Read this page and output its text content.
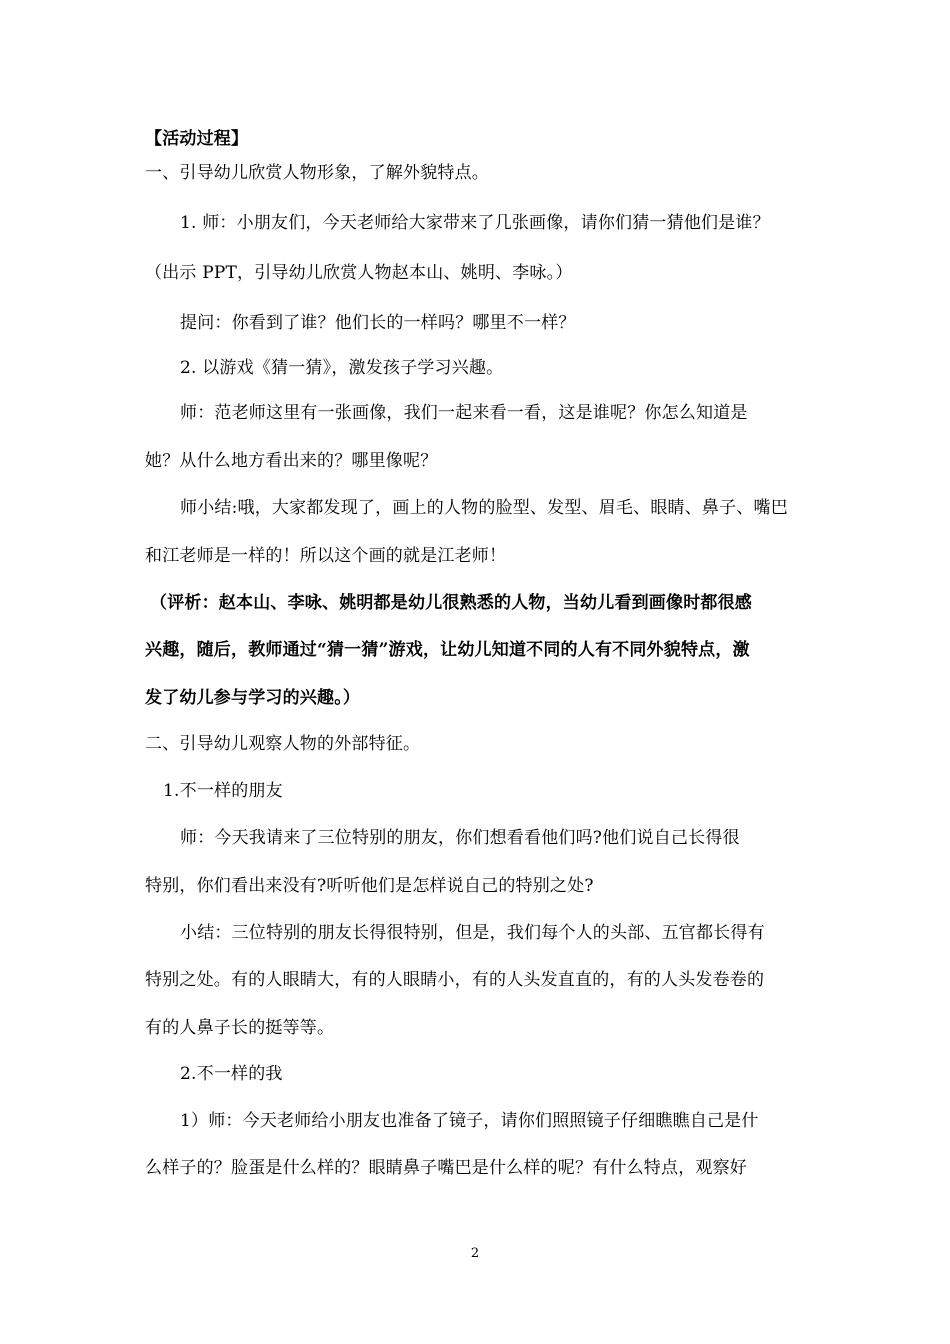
【活动过程】
一、引导幼儿欣赏人物形象，了解外貌特点。
1. 师：小朋友们，今天老师给大家带来了几张画像，请你们猜一猜他们是谁？
（出示 PPT，引导幼儿欣赏人物赵本山、姚明、李咏。）
提问：你看到了谁？他们长的一样吗？哪里不一样？
2. 以游戏《猜一猜》，激发孩子学习兴趣。
师：范老师这里有一张画像，我们一起来看一看，这是谁呢？你怎么知道是
她？从什么地方看出来的？哪里像呢？
师小结:哦，大家都发现了，画上的人物的脸型、发型、眉毛、眼睛、鼻子、嘴巴
和江老师是一样的！所以这个画的就是江老师！
（评析：赵本山、李咏、姚明都是幼儿很熟悉的人物，当幼儿看到画像时都很感
兴趣，随后，教师通过“猜一猜”游戏，让幼儿知道不同的人有不同外貌特点，激
发了幼儿参与学习的兴趣。）
二、引导幼儿观察人物的外部特征。
1.不一样的朋友
师：今天我请来了三位特别的朋友，你们想看看他们吗?他们说自己长得很
特别，你们看出来没有?听听他们是怎样说自己的特别之处?
小结：三位特别的朋友长得很特别，但是，我们每个人的头部、五官都长得有
特别之处。有的人眼睛大，有的人眼睛小，有的人头发直直的，有的人头发卷卷的
有的人鼻子长的挺等等。
2.不一样的我
1）师：今天老师给小朋友也准备了镜子，请你们照照镜子仔细瞧瞧自己是什
么样子的？脸蛋是什么样的？眼睛鼻子嘴巴是什么样的呢？有什么特点，观察好
2
